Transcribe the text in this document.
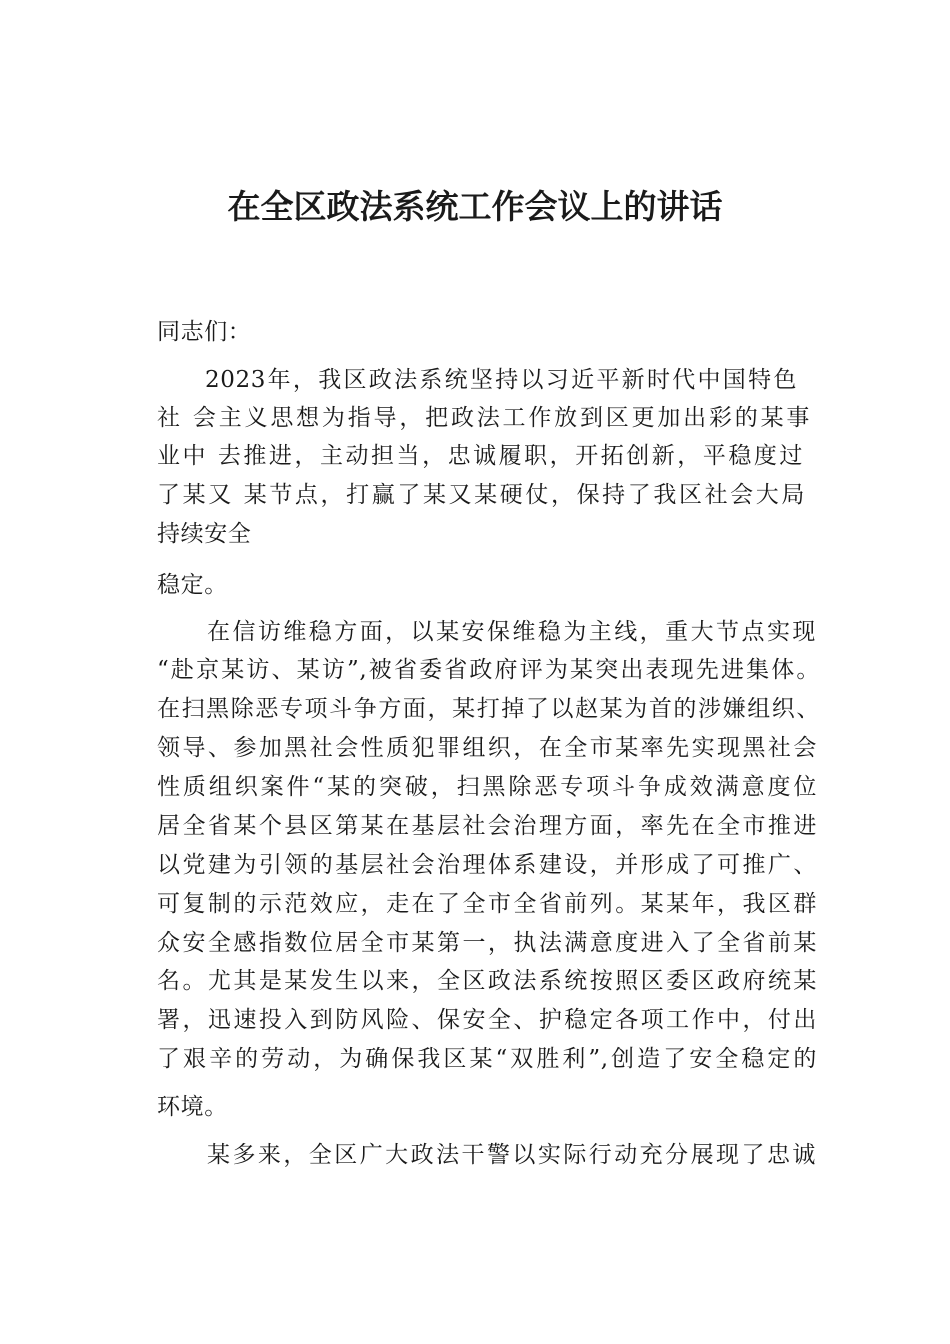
在全区政法系统工作会议上的讲话
同志们：
2023年，我区政法系统坚持以习近平新时代中国特色
社 会主义思想为指导，把政法工作放到区更加出彩的某事
业中 去推进，主动担当，忠诚履职，开拓创新，平稳度过
了某又 某节点，打赢了某又某硬仗，保持了我区社会大局
持续安全
稳定。
在信访维稳方面，以某安保维稳为主线，重大节点实现
“赴京某访、某访”,被省委省政府评为某突出表现先进集体。
在扫黑除恶专项斗争方面，某打掉了以赵某为首的涉嫌组织、
领导、参加黑社会性质犯罪组织，在全市某率先实现黑社会
性质组织案件“某的突破，扫黑除恶专项斗争成效满意度位
居全省某个县区第某在基层社会治理方面，率先在全市推进
以党建为引领的基层社会治理体系建设，并形成了可推广、
可复制的示范效应，走在了全市全省前列。某某年，我区群
众安全感指数位居全市某第一，执法满意度进入了全省前某
名。尤其是某发生以来，全区政法系统按照区委区政府统某
署，迅速投入到防风险、保安全、护稳定各项工作中，付出
了艰辛的劳动，为确保我区某“双胜利”,创造了安全稳定的
环境。
某多来，全区广大政法干警以实际行动充分展现了忠诚
